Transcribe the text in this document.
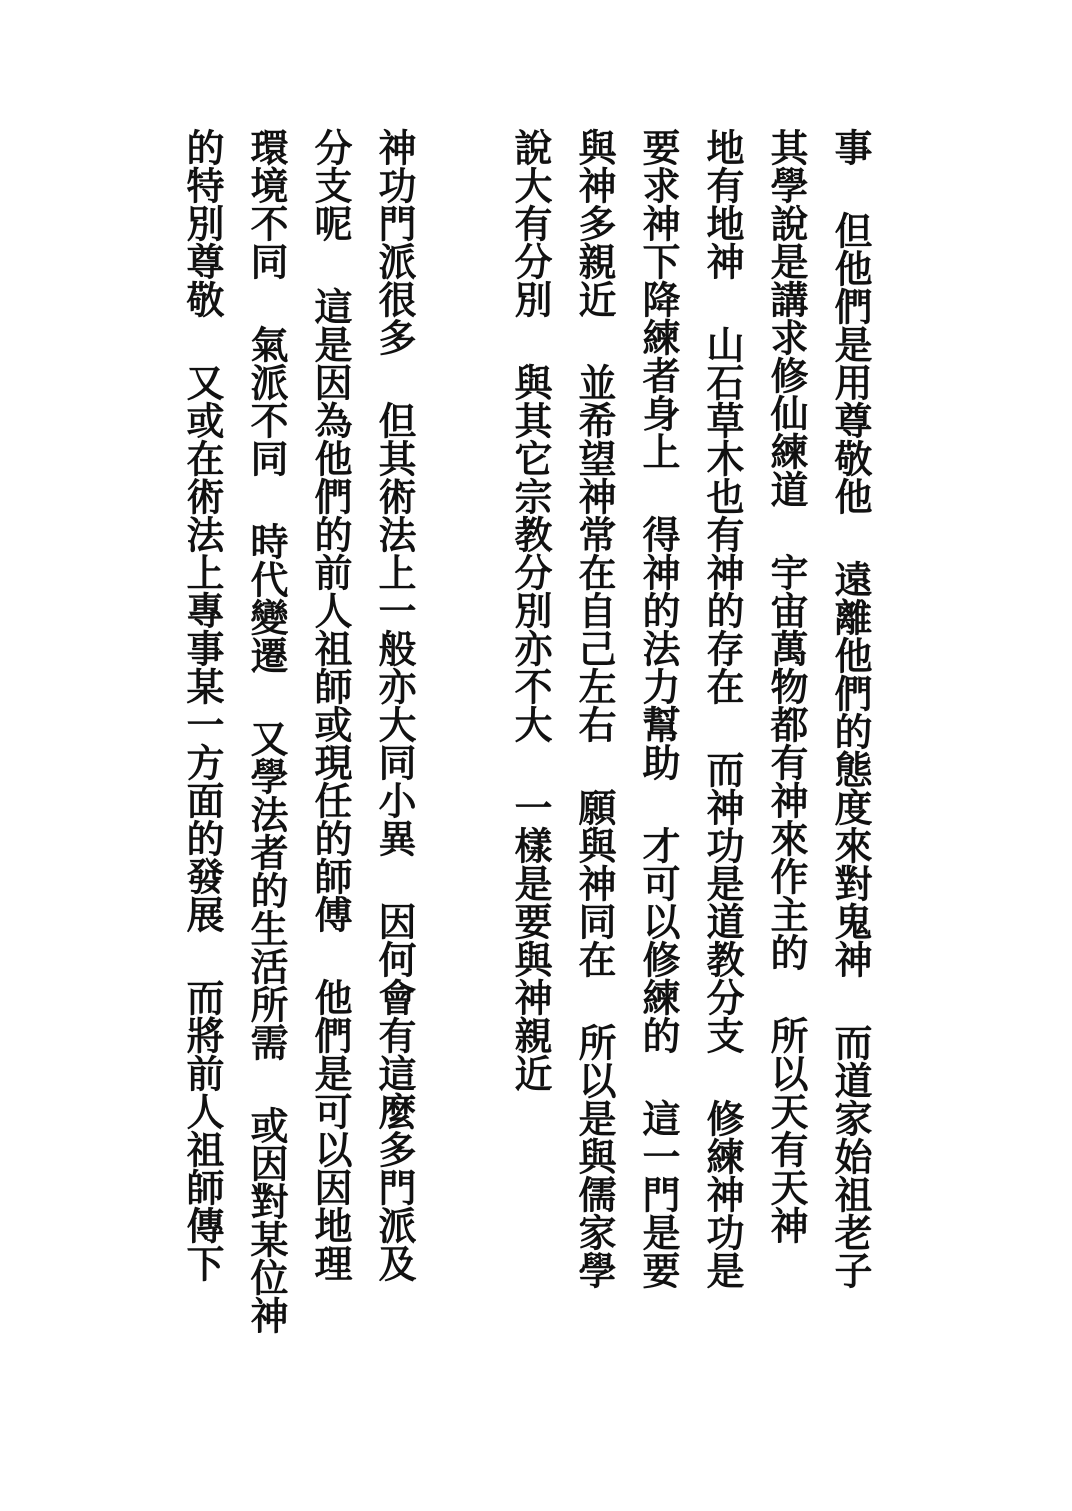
事 但他們是用尊敬他 遠離他們的態度來對鬼神 而道家始祖老子
其學說是講求修仙練道 宇宙萬物都有神來作主的 所以天有天神
地有地神 山石草木也有神的存在 而神功是道教分支 修練神功是
要求神下降練者身上 得神的法力幫助 才可以修練的 這一門是要
與神多親近 並希望神常在自己左右 願與神同在 所以是與儒家學
說大有分別 與其它宗教分別亦不大 一樣是要與神親近
神功門派很多 但其術法上一般亦大同小異 因何會有這麼多門派及
分支呢 這是因為他們的前人祖師或現任的師傅 他們是可以因地理
環境不同 氣派不同 時代變遷 又學法者的生活所需 或因對某位神
的特別尊敬 又或在術法上專事某一方面的發展 而將前人祖師傳下
